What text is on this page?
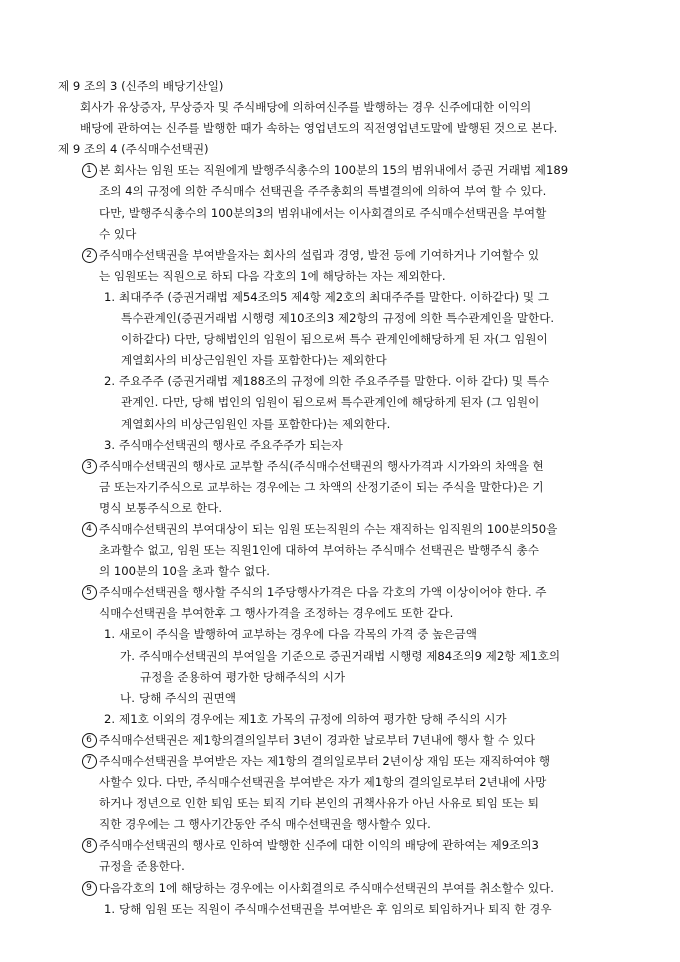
제 9 조의 3 (신주의 배당기산일)
회사가 유상증자, 무상증자 및 주식배당에 의하여신주를 발행하는 경우 신주에대한 이익의
배당에 관하여는 신주를 발행한 때가 속하는 영업년도의 직전영업년도말에 발행된 것으로 본다.
제 9 조의 4 (주식매수선택권)
1 본 회사는 임원 또는 직원에게 발행주식총수의 100분의 15의 범위내에서 증권 거래법 제189
조의 4의 규정에 의한 주식매수 선택권을 주주총회의 특별결의에 의하여 부여 할 수 있다.
다만, 발행주식총수의 100분의3의 범위내에서는 이사회결의로 주식매수선택권을 부여할
수 있다
2 주식매수선택권을 부여받을자는 회사의 설립과 경영, 발전 등에 기여하거나 기여할수 있
는 임원또는 직원으로 하되 다음 각호의 1에 해당하는 자는 제외한다.
1. 최대주주 (증권거래법 제54조의5 제4항 제2호의 최대주주를 말한다. 이하같다) 및 그
특수관계인(증권거래법 시행령 제10조의3 제2항의 규정에 의한 특수관계인을 말한다.
이하같다) 다만, 당해법인의 임원이 됨으로써 특수 관계인에해당하게 된 자(그 임원이
계열회사의 비상근임원인 자를 포함한다)는 제외한다
2. 주요주주 (증권거래법 제188조의 규정에 의한 주요주주를 말한다. 이하 같다) 및 특수
관계인. 다만, 당해 법인의 임원이 됨으로써 특수관계인에 해당하게 된자 (그 임원이
계열회사의 비상근임원인 자를 포함한다)는 제외한다.
3. 주식매수선택권의 행사로 주요주주가 되는자
3 주식매수선택권의 행사로 교부할 주식(주식매수선택권의 행사가격과 시가와의 차액을 현
금 또는자기주식으로 교부하는 경우에는 그 차액의 산정기준이 되는 주식을 말한다)은 기
명식 보통주식으로 한다.
4 주식매수선택권의 부여대상이 되는 임원 또는직원의 수는 재직하는 임직원의 100분의50을
초과할수 없고, 임원 또는 직원1인에 대하여 부여하는 주식매수 선택권은 발행주식 총수
의 100분의 10을 초과 할수 없다.
5 주식매수선택권을 행사할 주식의 1주당행사가격은 다음 각호의 가액 이상이어야 한다. 주
식매수선택권을 부여한후 그 행사가격을 조정하는 경우에도 또한 같다.
1. 새로이 주식을 발행하여 교부하는 경우에 다음 각목의 가격 중 높은금액
가. 주식매수선택권의 부여일을 기준으로 증권거래법 시행령 제84조의9 제2항 제1호의
규정을 준용하여 평가한 당해주식의 시가
나. 당해 주식의 권면액
2. 제1호 이외의 경우에는 제1호 가목의 규정에 의하여 평가한 당해 주식의 시가
6 주식매수선택권은 제1항의결의일부터 3년이 경과한 날로부터 7년내에 행사 할 수 있다
7 주식매수선택권을 부여받은 자는 제1항의 결의일로부터 2년이상 재임 또는 재직하여야 행
사할수 있다. 다만, 주식매수선택권을 부여받은 자가 제1항의 결의일로부터 2년내에 사망
하거나 정년으로 인한 퇴임 또는 퇴직 기타 본인의 귀책사유가 아닌 사유로 퇴임 또는 퇴
직한 경우에는 그 행사기간동안 주식 매수선택권을 행사할수 있다.
8 주식매수선택권의 행사로 인하여 발행한 신주에 대한 이익의 배당에 관하여는 제9조의3
규정을 준용한다.
9 다음각호의 1에 해당하는 경우에는 이사회결의로 주식매수선택권의 부여를 취소할수 있다.
1. 당해 임원 또는 직원이 주식매수선택권을 부여받은 후 임의로 퇴임하거나 퇴직 한 경우
